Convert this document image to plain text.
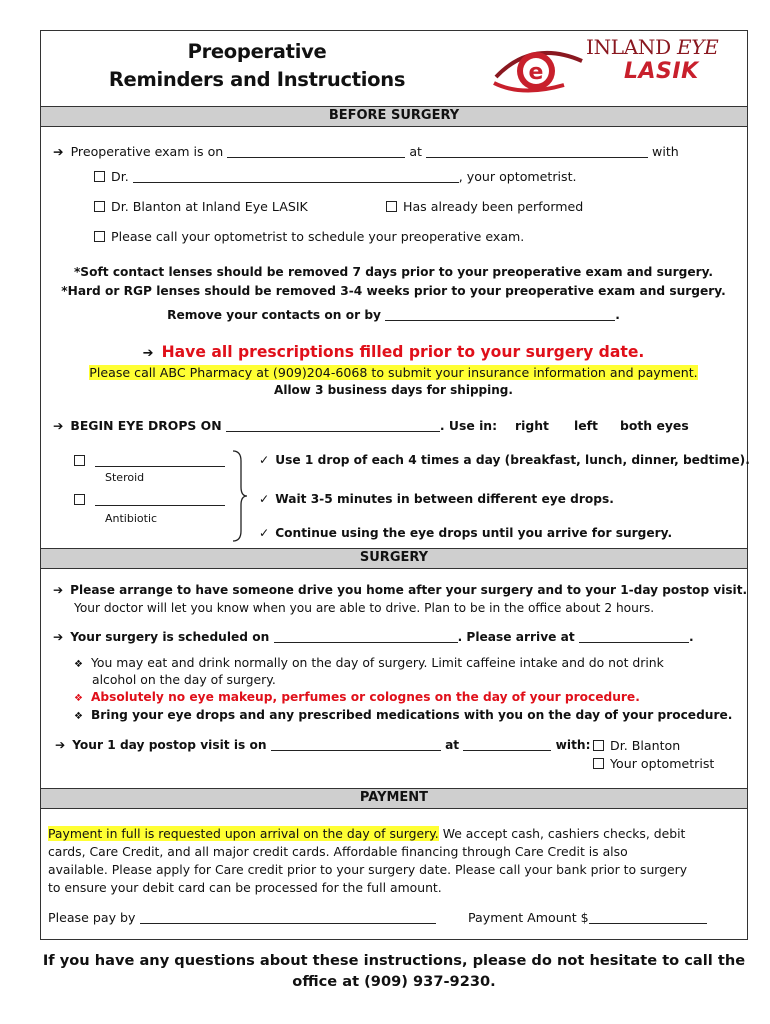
Preoperative
Reminders and Instructions	e
INLAND EYE
LASIK
BEFORE SURGERY
➔ Preoperative exam is on	at	with
Dr.	, your optometrist.
Dr. Blanton at Inland Eye LASIK	Has already been performed
Please call your optometrist to schedule your preoperative exam.
*Soft contact lenses should be removed 7 days prior to your preoperative exam and surgery.
*Hard or RGP lenses should be removed 3-4 weeks prior to your preoperative exam and surgery.
Remove your contacts on or by	.
➔ Have all prescriptions filled prior to your surgery date.
Please call ABC Pharmacy at (909)204-6068 to submit your insurance information and payment.
Allow 3 business days for shipping.
➔ BEGIN EYE DROPS ON	. Use in: right left both eyes
Steroid
Antibiotic
✓ Use 1 drop of each 4 times a day (breakfast, lunch, dinner, bedtime).
✓ Wait 3-5 minutes in between different eye drops.
✓ Continue using the eye drops until you arrive for surgery.
SURGERY
➔ Please arrange to have someone drive you home after your surgery and to your 1-day postop visit.
Your doctor will let you know when you are able to drive. Plan to be in the office about 2 hours.
➔ Your surgery is scheduled on	. Please arrive at	.
❖ You may eat and drink normally on the day of surgery. Limit caffeine intake and do not drink
alcohol on the day of surgery.
❖ Absolutely no eye makeup, perfumes or colognes on the day of your procedure.
❖ Bring your eye drops and any prescribed medications with you on the day of your procedure.
➔ Your 1 day postop visit is on	at	with:	Dr. Blanton
Your optometrist
PAYMENT
Payment in full is requested upon arrival on the day of surgery. We accept cash, cashiers checks, debit
cards, Care Credit, and all major credit cards. Affordable financing through Care Credit is also
available. Please apply for Care credit prior to your surgery date. Please call your bank prior to surgery
to ensure your debit card can be processed for the full amount.
Please pay by	Payment Amount $
If you have any questions about these instructions, please do not hesitate to call the
office at (909) 937-9230.
